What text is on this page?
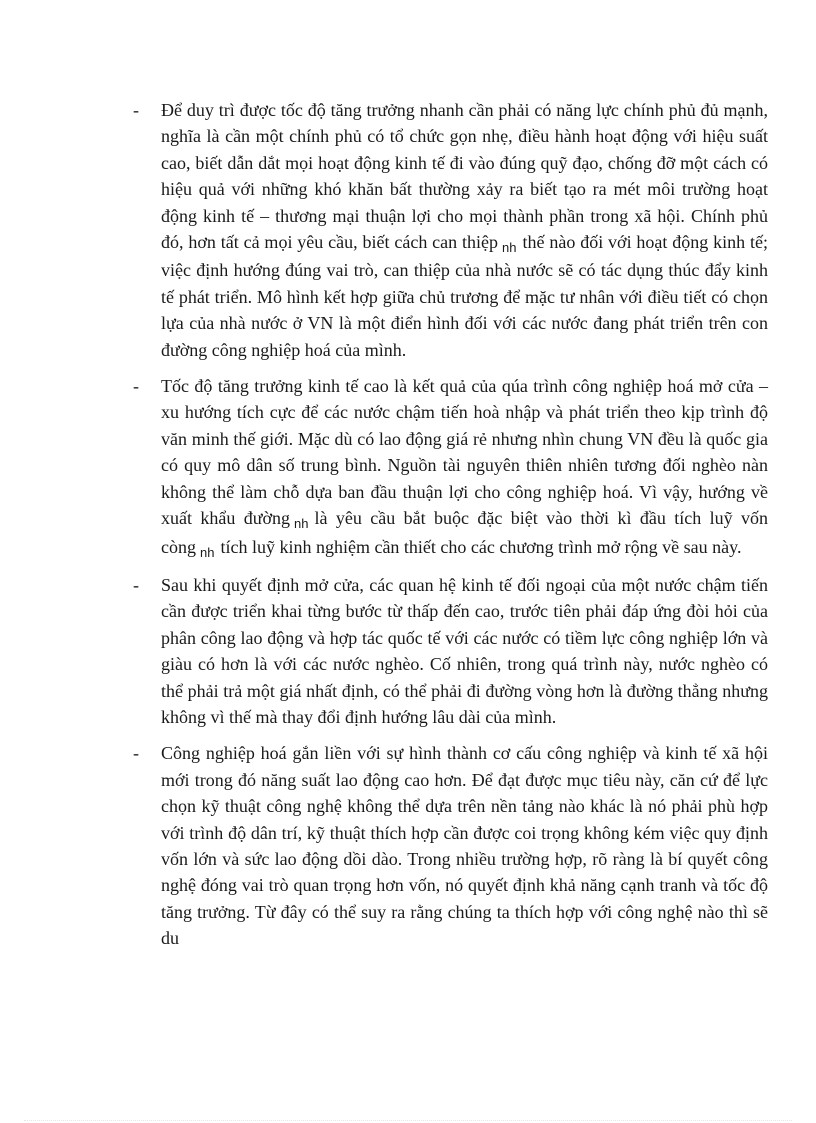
- Để duy trì được tốc độ tăng trưởng nhanh cần phải có năng lực chính phủ đủ mạnh, nghĩa là cần một chính phủ có tổ chức gọn nhẹ, điều hành hoạt động với hiệu suất cao, biết dẫn dắt mọi hoạt động kinh tế đi vào đúng quỹ đạo, chống đỡ một cách có hiệu quả với những khó khăn bất thường xảy ra biết tạo ra mét môi trường hoạt động kinh tế – thương mại thuận lợi cho mọi thành phần trong xã hội. Chính phủ đó, hơn tất cả mọi yêu cầu, biết cách can thiệp $_{nh}$ thế nào đối với hoạt động kinh tế; việc định hướng đúng vai trò, can thiệp của nhà nước sẽ có tác dụng thúc đẩy kinh tế phát triển. Mô hình kết hợp giữa chủ trương để mặc tư nhân với điều tiết có chọn lựa của nhà nước ở VN là một điển hình đối với các nước đang phát triển trên con đường công nghiệp hoá của mình.

- Tốc độ tăng trưởng kinh tế cao là kết quả của qúa trình công nghiệp hoá mở cửa – xu hướng tích cực để các nước chậm tiến hoà nhập và phát triển theo kịp trình độ văn minh thế giới. Mặc dù có lao động giá rẻ nhưng nhìn chung VN đều là quốc gia có quy mô dân số trung bình. Nguồn tài nguyên thiên nhiên tương đối nghèo nàn không thể làm chỗ dựa ban đầu thuận lợi cho công nghiệp hoá. Vì vậy, hướng về xuất khẩu đường $_{nh}$ là yêu cầu bắt buộc đặc biệt vào thời kì đầu tích luỹ vốn còng $_{nh}$ tích luỹ kinh nghiệm cần thiết cho các chương trình mở rộng về sau này.

- Sau khi quyết định mở cửa, các quan hệ kinh tế đối ngoại của một nước chậm tiến cần được triển khai từng bước từ thấp đến cao, trước tiên phải đáp ứng đòi hỏi của phân công lao động và hợp tác quốc tế với các nước có tiềm lực công nghiệp lớn và giàu có hơn là với các nước nghèo. Cố nhiên, trong quá trình này, nước nghèo có thể phải trả một giá nhất định, có thể phải đi đường vòng hơn là đường thẳng nhưng không vì thế mà thay đổi định hướng lâu dài của mình.

- Công nghiệp hoá gắn liền với sự hình thành cơ cấu công nghiệp và kinh tế xã hội mới trong đó năng suất lao động cao hơn. Để đạt được mục tiêu này, căn cứ để lực chọn kỹ thuật công nghệ không thể dựa trên nền tảng nào khác là nó phải phù hợp với trình độ dân trí, kỹ thuật thích hợp cần được coi trọng không kém việc quy định vốn lớn và sức lao động dồi dào. Trong nhiều trường hợp, rõ ràng là bí quyết công nghệ đóng vai trò quan trọng hơn vốn, nó quyết định khả năng cạnh tranh và tốc độ tăng trưởng. Từ đây có thể suy ra rằng chúng ta thích hợp với công nghệ nào thì sẽ du
